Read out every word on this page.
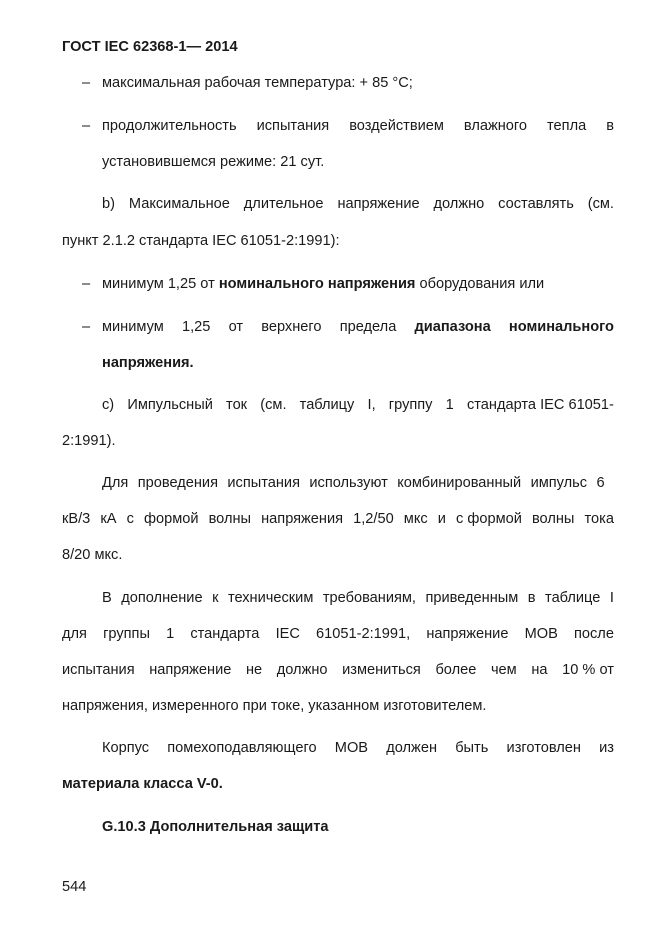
ГОСТ IEC 62368-1— 2014
– максимальная рабочая температура: + 85 °C;
– продолжительность испытания воздействием влажного тепла в
установившемся режиме: 21 сут.
b) Максимальное длительное напряжение должно составлять (см.
пункт 2.1.2 стандарта IEC 61051-2:1991):
– минимум 1,25 от номинального напряжения оборудования или
– минимум 1,25 от верхнего предела диапазона номинального
напряжения.
c) Импульсный ток (см. таблицу I, группу 1 стандарта IEC 61051-
2:1991).
Для проведения испытания используют комбинированный импульс 6
кВ/3 кА с формой волны напряжения 1,2/50 мкс и с формой волны тока
8/20 мкс.
В дополнение к техническим требованиям, приведенным в таблице I
для группы 1 стандарта IEC 61051-2:1991, напряжение MOB после
испытания напряжение не должно измениться более чем на 10 % от
напряжения, измеренного при токе, указанном изготовителем.
Корпус помехоподавляющего MOB должен быть изготовлен из
материала класса V-0.
G.10.3 Дополнительная защита
544
